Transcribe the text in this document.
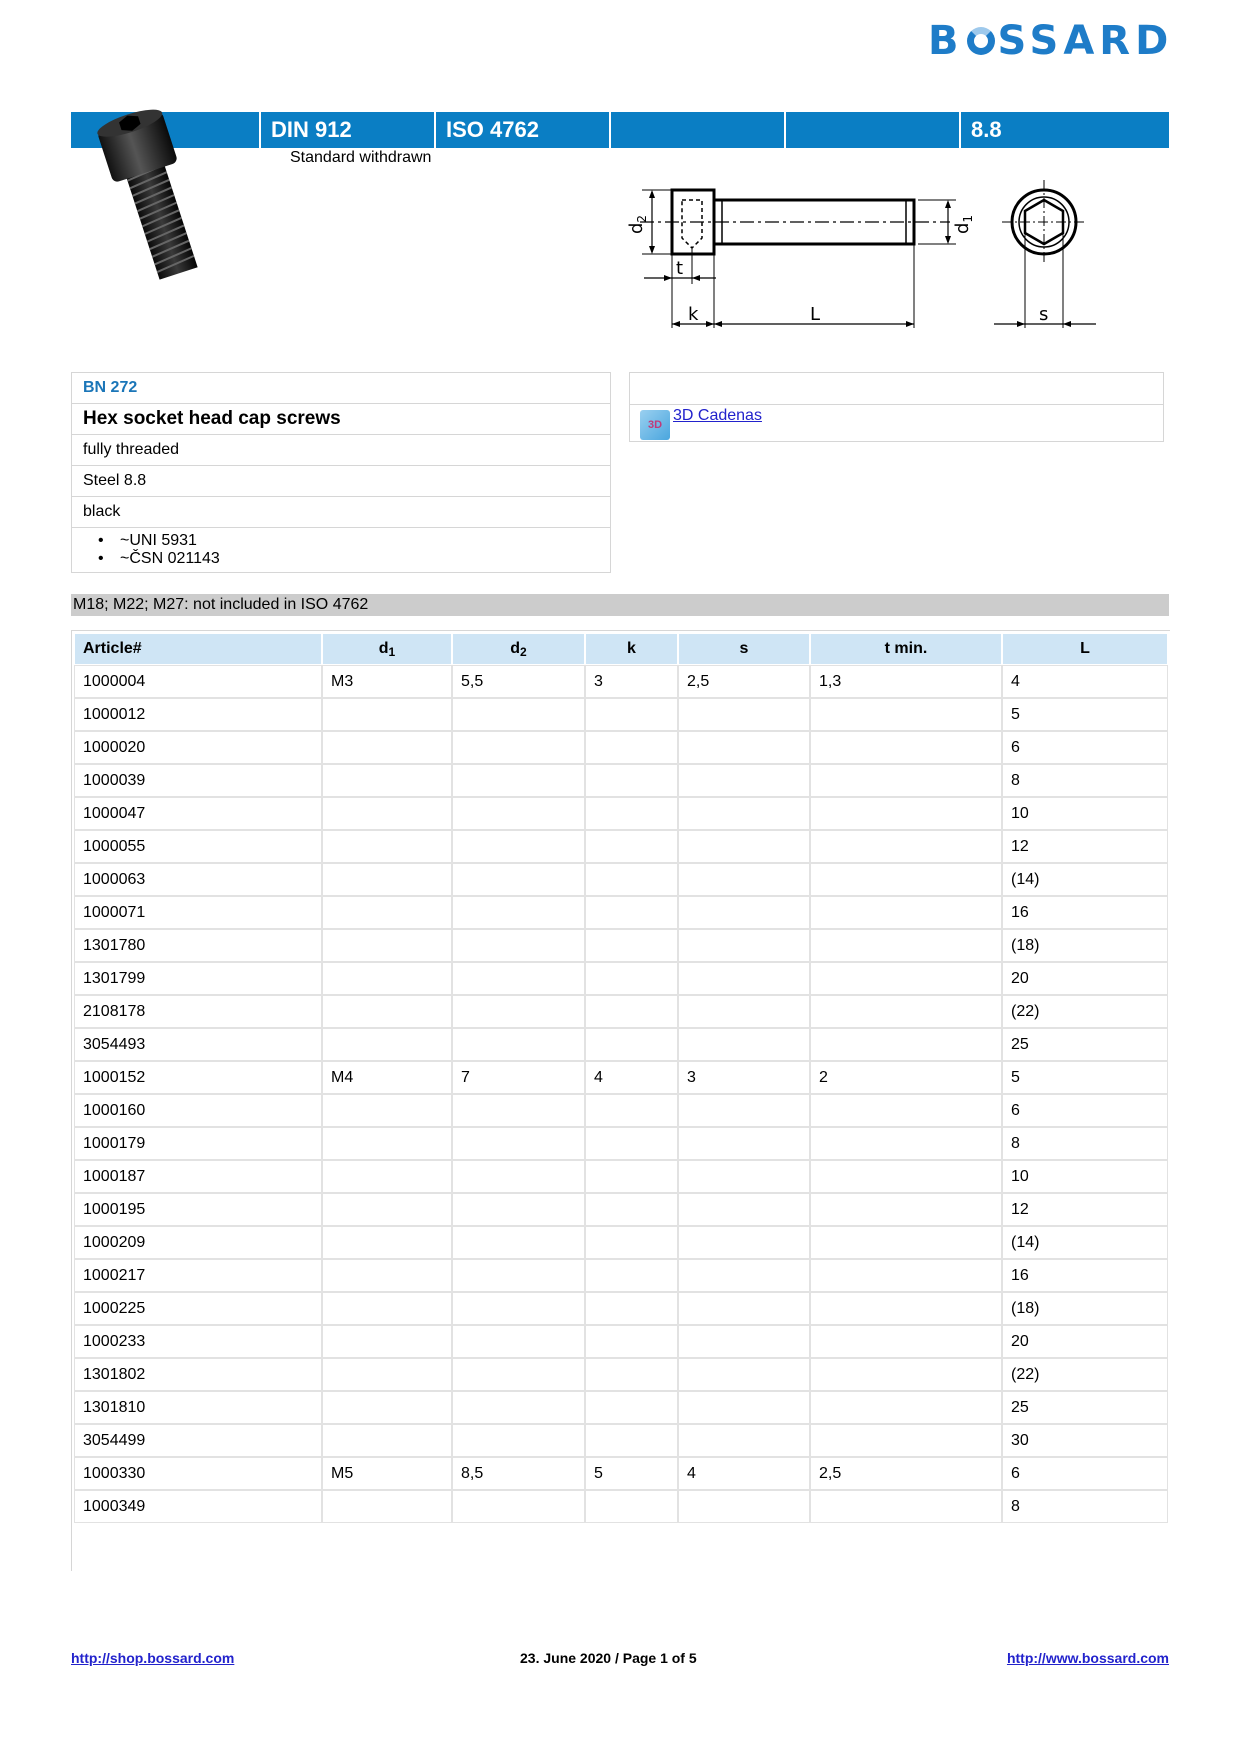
B SSARD
DIN 912	ISO 4762	8.8
Standard withdrawn
$d_2$
$d_1$
t
k	L	s
BN 272
Hex socket head cap screws
fully threaded
Steel 8.8
black
• ~UNI 5931
• ~ČSN 021143
3D
3D Cadenas
M18; M22; M27: not included in ISO 4762
Article#	$d_1$	$d_2$	k	s	t min.	L
1000004	M3	5,5	3	2,5	1,3	4
1000012						5
1000020						6
1000039						8
1000047						10
1000055						12
1000063						(14)
1000071						16
1301780						(18)
1301799						20
2108178						(22)
3054493						25
1000152	M4	7	4	3	2	5
1000160						6
1000179						8
1000187						10
1000195						12
1000209						(14)
1000217						16
1000225						(18)
1000233						20
1301802						(22)
1301810						25
3054499						30
1000330	M5	8,5	5	4	2,5	6
1000349						8
http://shop.bossard.com	23. June 2020 / Page 1 of 5	http://www.bossard.com
